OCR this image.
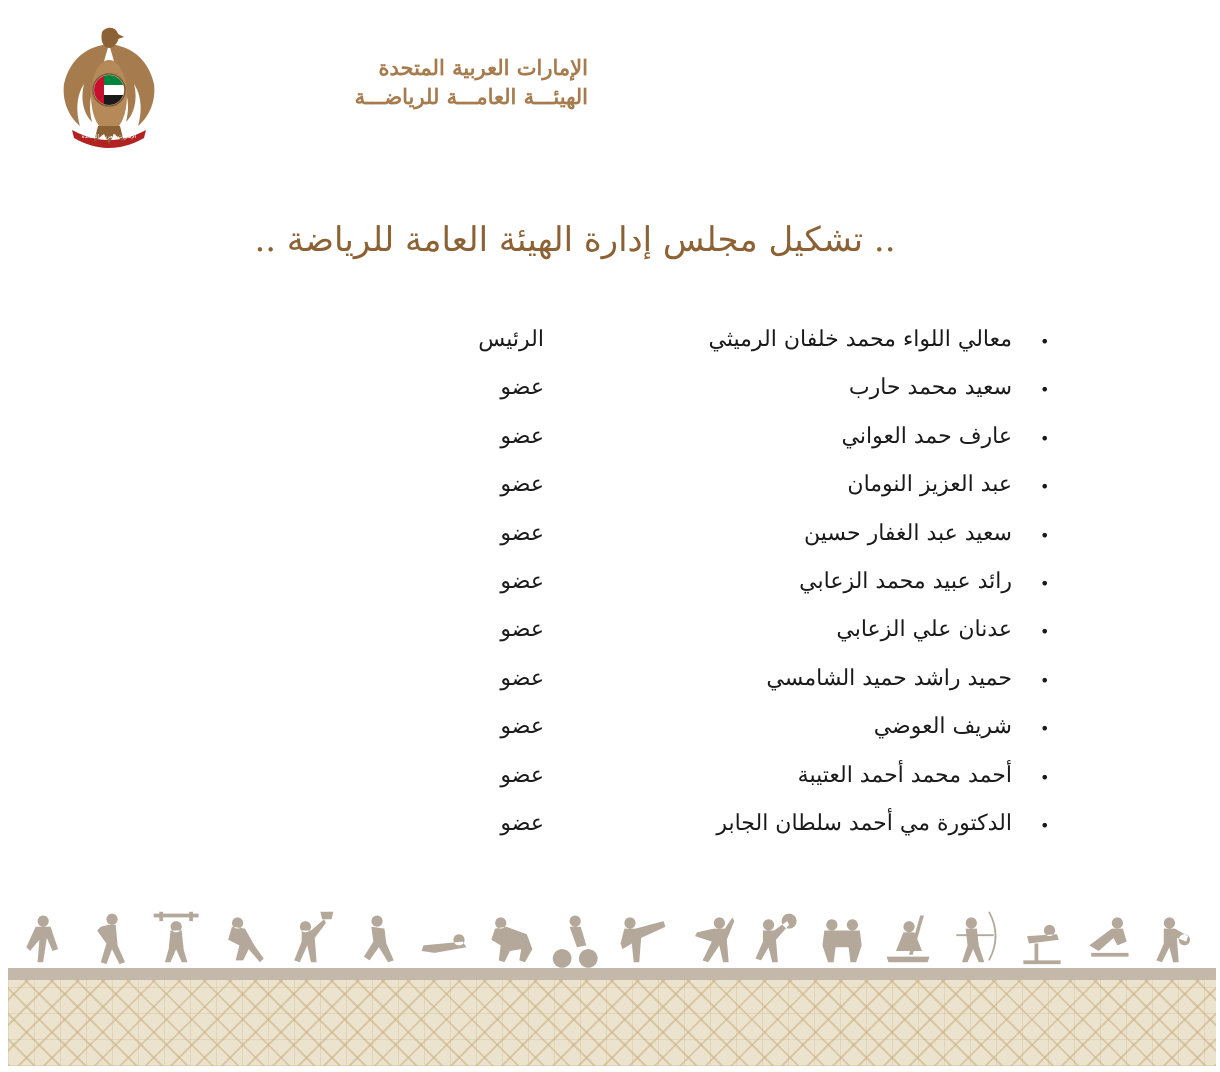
الإمارات العربية المتحدة
الإمارات العربية المتحدة
الهيئـــة العامـــة للرياضـــة
.. تشكيل مجلس إدارة الهيئة العامة للرياضة ..
•
معالي اللواء محمد خلفان الرميثي
الرئيس
•
سعيد محمد حارب
عضو
•
عارف حمد العواني
عضو
•
عبد العزيز النومان
عضو
•
سعيد عبد الغفار حسين
عضو
•
رائد عبيد محمد الزعابي
عضو
•
عدنان علي الزعابي
عضو
•
حميد راشد حميد الشامسي
عضو
•
شريف العوضي
عضو
•
أحمد محمد أحمد العتيبة
عضو
•
الدكتورة مي أحمد سلطان الجابر
عضو
